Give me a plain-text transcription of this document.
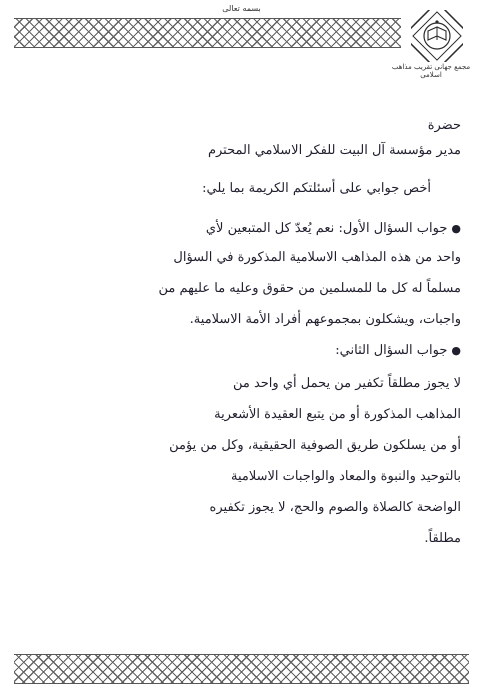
بسمه تعالى
مجمع جهانی تقریب مذاهب اسلامی
حضرة
مدير مؤسسة آل البيت للفكر الاسلامي المحترم
أخص جوابي على أسئلتكم الكريمة بما يلي:
●جواب السؤال الأول: نعم يُعدّ كل المتبعين لأي
واحد من هذه المذاهب الاسلامية المذكورة في السؤال
مسلماً له كل ما للمسلمين من حقوق وعليه ما عليهم من
واجبات، ويشكلون بمجموعهم أفراد الأمة الاسلامية.
●جواب السؤال الثاني:
لا يجوز مطلقاً تكفير من يحمل أي واحد من
المذاهب المذكورة أو من يتبع العقيدة الأشعرية
أو من يسلكون طريق الصوفية الحقيقية، وكل من يؤمن
بالتوحيد والنبوة والمعاد والواجبات الاسلامية
الواضحة كالصلاة والصوم والحج، لا يجوز تكفيره
مطلقاً.
